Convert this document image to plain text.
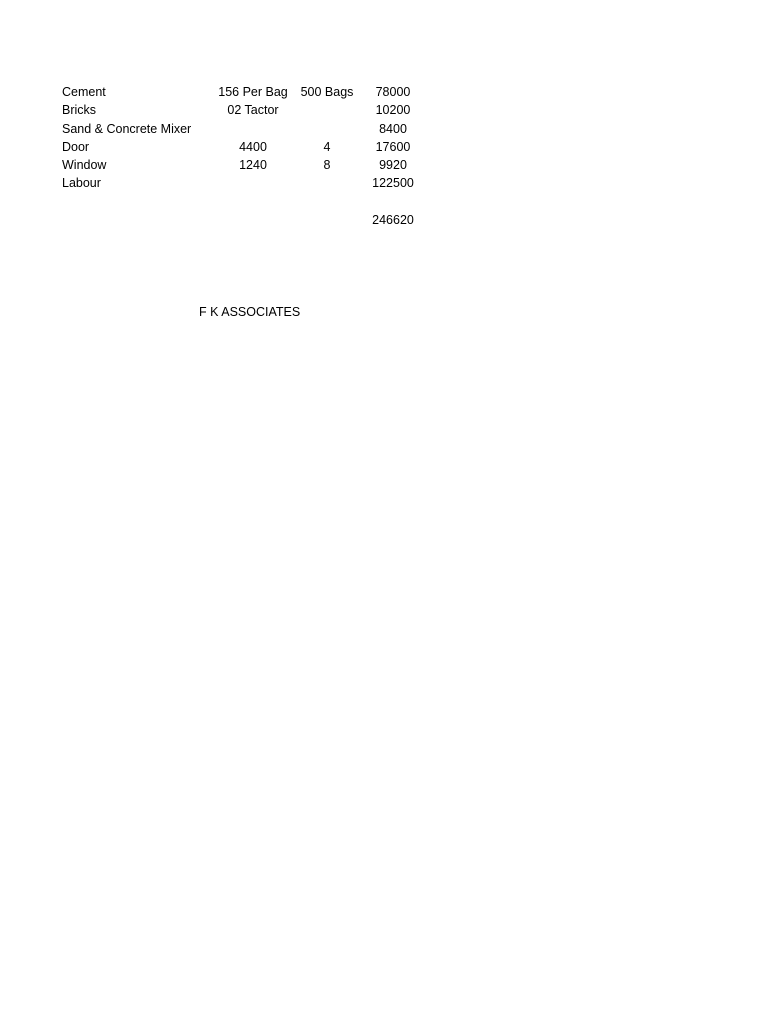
Cement	156 Per Bag	500 Bags	78000
Bricks	02 Tactor		10200
Sand & Concrete Mixer			8400
Door	4400	4	17600
Window	1240	8	9920
Labour			122500

			246620
F K ASSOCIATES
